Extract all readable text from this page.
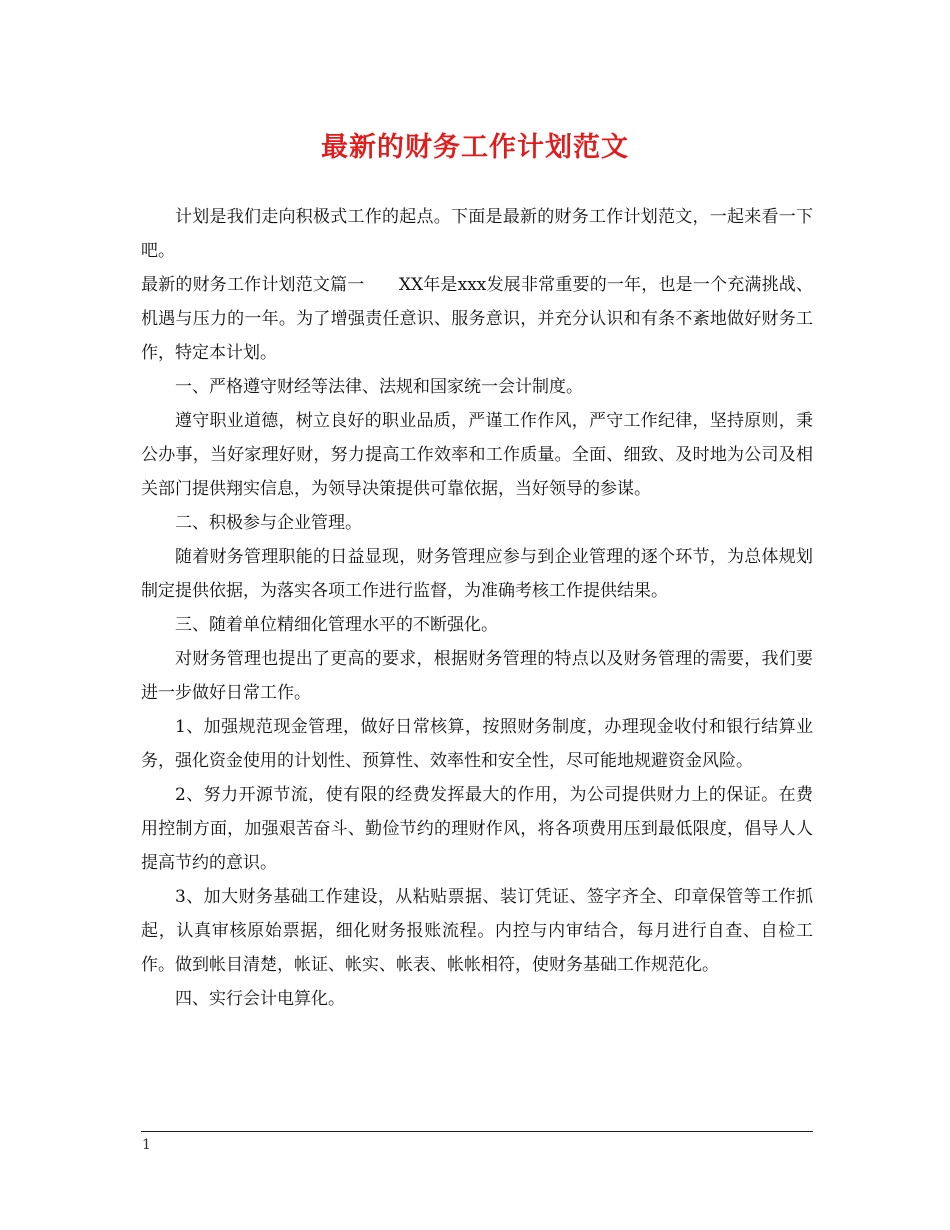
最新的财务工作计划范文

计划是我们走向积极式工作的起点。下面是最新的财务工作计划范文，一起来看一下吧。

最新的财务工作计划范文篇一　　XX年是xxx发展非常重要的一年，也是一个充满挑战、机遇与压力的一年。为了增强责任意识、服务意识，并充分认识和有条不紊地做好财务工作，特定本计划。

一、严格遵守财经等法律、法规和国家统一会计制度。

遵守职业道德，树立良好的职业品质，严谨工作作风，严守工作纪律，坚持原则，秉公办事，当好家理好财，努力提高工作效率和工作质量。全面、细致、及时地为公司及相关部门提供翔实信息，为领导决策提供可靠依据，当好领导的参谋。

二、积极参与企业管理。

随着财务管理职能的日益显现，财务管理应参与到企业管理的逐个环节，为总体规划制定提供依据，为落实各项工作进行监督，为准确考核工作提供结果。

三、随着单位精细化管理水平的不断强化。

对财务管理也提出了更高的要求，根据财务管理的特点以及财务管理的需要，我们要进一步做好日常工作。

1、加强规范现金管理，做好日常核算，按照财务制度，办理现金收付和银行结算业务，强化资金使用的计划性、预算性、效率性和安全性，尽可能地规避资金风险。

2、努力开源节流，使有限的经费发挥最大的作用，为公司提供财力上的保证。在费用控制方面，加强艰苦奋斗、勤俭节约的理财作风，将各项费用压到最低限度，倡导人人提高节约的意识。

3、加大财务基础工作建设，从粘贴票据、装订凭证、签字齐全、印章保管等工作抓起，认真审核原始票据，细化财务报账流程。内控与内审结合，每月进行自查、自检工作。做到帐目清楚，帐证、帐实、帐表、帐帐相符，使财务基础工作规范化。

四、实行会计电算化。

1
